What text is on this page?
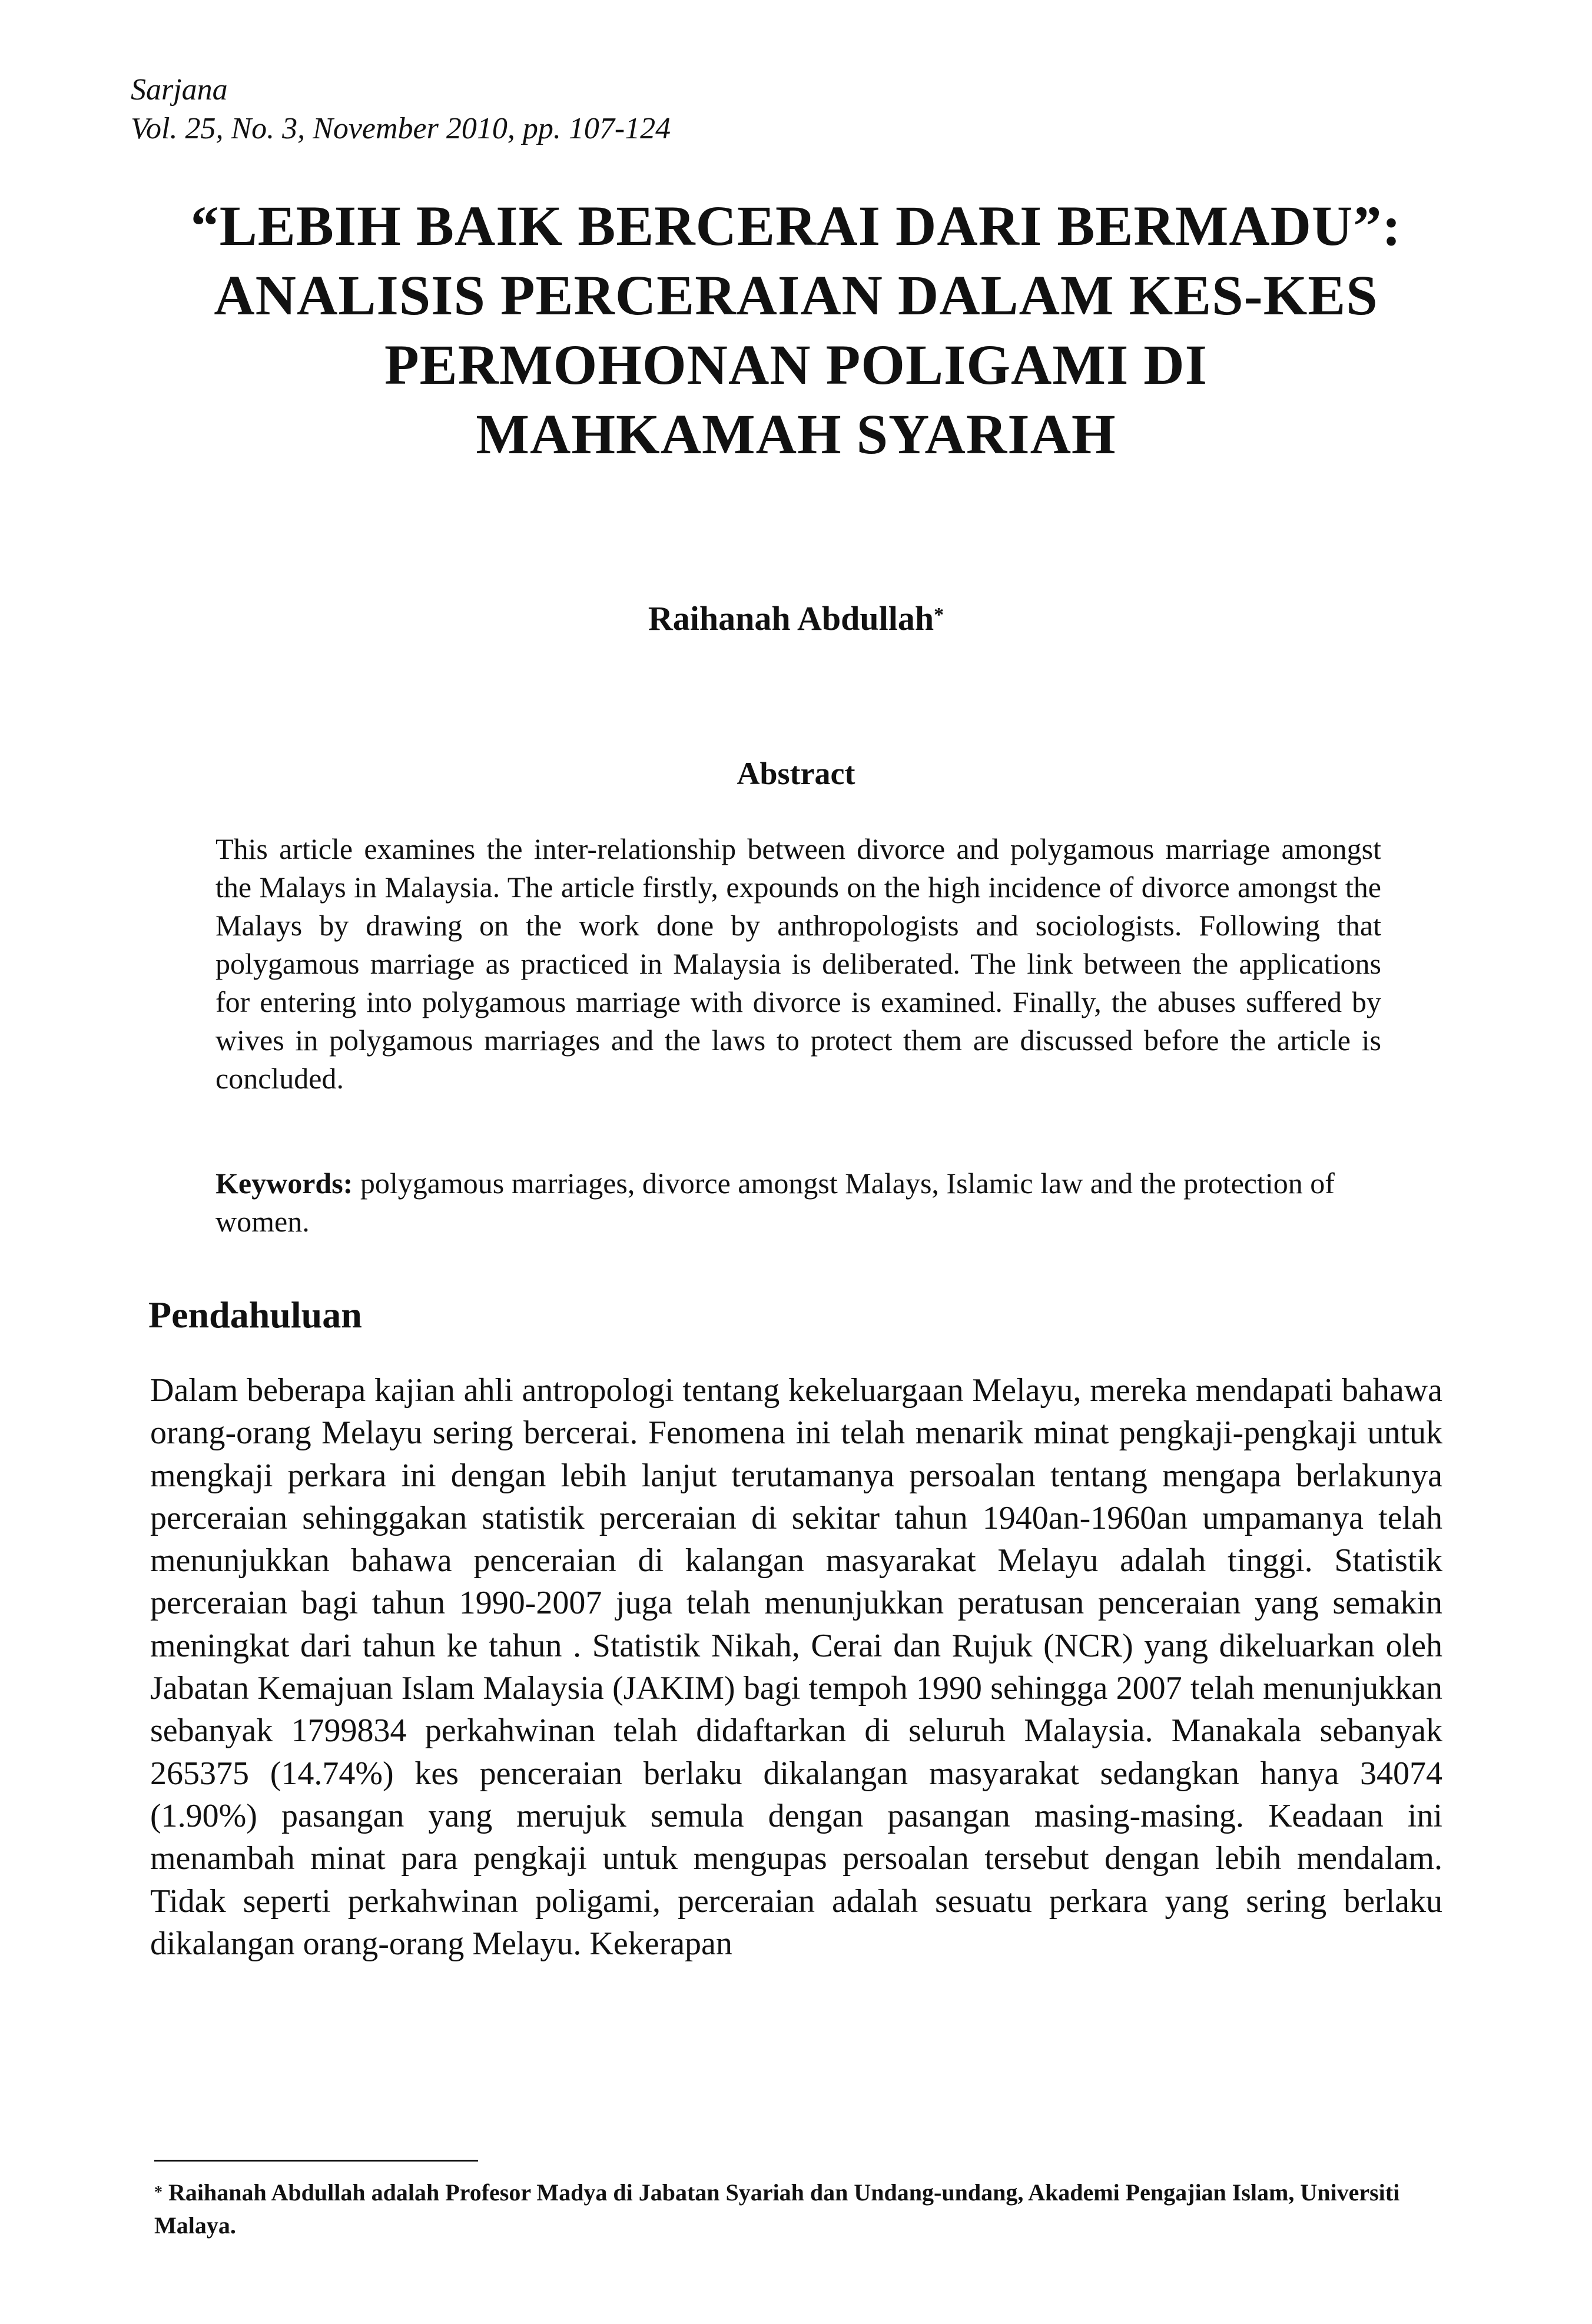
Sarjana
Vol. 25, No. 3, November 2010, pp. 107-124
“LEBIH BAIK BERCERAI DARI BERMADU”:
ANALISIS PERCERAIAN DALAM KES-KES
PERMOHONAN POLIGAMI DI
MAHKAMAH SYARIAH
Raihanah Abdullah*
Abstract
This article examines the inter-relationship between divorce and polygamous marriage amongst the Malays in Malaysia. The article firstly, expounds on the high incidence of divorce amongst the Malays by drawing on the work done by anthropologists and sociologists. Following that polygamous marriage as practiced in Malaysia is deliberated. The link between the applications for entering into polygamous marriage with divorce is examined. Finally, the abuses suffered by wives in polygamous marriages and the laws to protect them are discussed before the article is concluded.
Keywords: polygamous marriages, divorce amongst Malays, Islamic law and the protection of women.
Pendahuluan
Dalam beberapa kajian ahli antropologi tentang kekeluargaan Melayu, mereka mendapati bahawa orang-orang Melayu sering bercerai. Fenomena ini telah menarik minat pengkaji-pengkaji untuk mengkaji perkara ini dengan lebih lanjut terutamanya persoalan tentang mengapa berlakunya perceraian sehinggakan statistik perceraian di sekitar tahun 1940an-1960an umpamanya telah menunjukkan bahawa penceraian di kalangan masyarakat Melayu adalah tinggi. Statistik perceraian bagi tahun 1990-2007 juga telah menunjukkan peratusan penceraian yang semakin meningkat dari tahun ke tahun . Statistik Nikah, Cerai dan Rujuk (NCR) yang dikeluarkan oleh Jabatan Kemajuan Islam Malaysia (JAKIM) bagi tempoh 1990 sehingga 2007 telah menunjukkan sebanyak 1799834 perkahwinan telah didaftarkan di seluruh Malaysia. Manakala sebanyak 265375 (14.74%) kes penceraian berlaku dikalangan masyarakat sedangkan hanya 34074 (1.90%) pasangan yang merujuk semula dengan pasangan masing-masing. Keadaan ini menambah minat para pengkaji untuk mengupas persoalan tersebut dengan lebih mendalam. Tidak seperti perkahwinan poligami, perceraian adalah sesuatu perkara yang sering berlaku dikalangan orang-orang Melayu. Kekerapan
* Raihanah Abdullah adalah Profesor Madya di Jabatan Syariah dan Undang-undang, Akademi Pengajian Islam, Universiti Malaya.
